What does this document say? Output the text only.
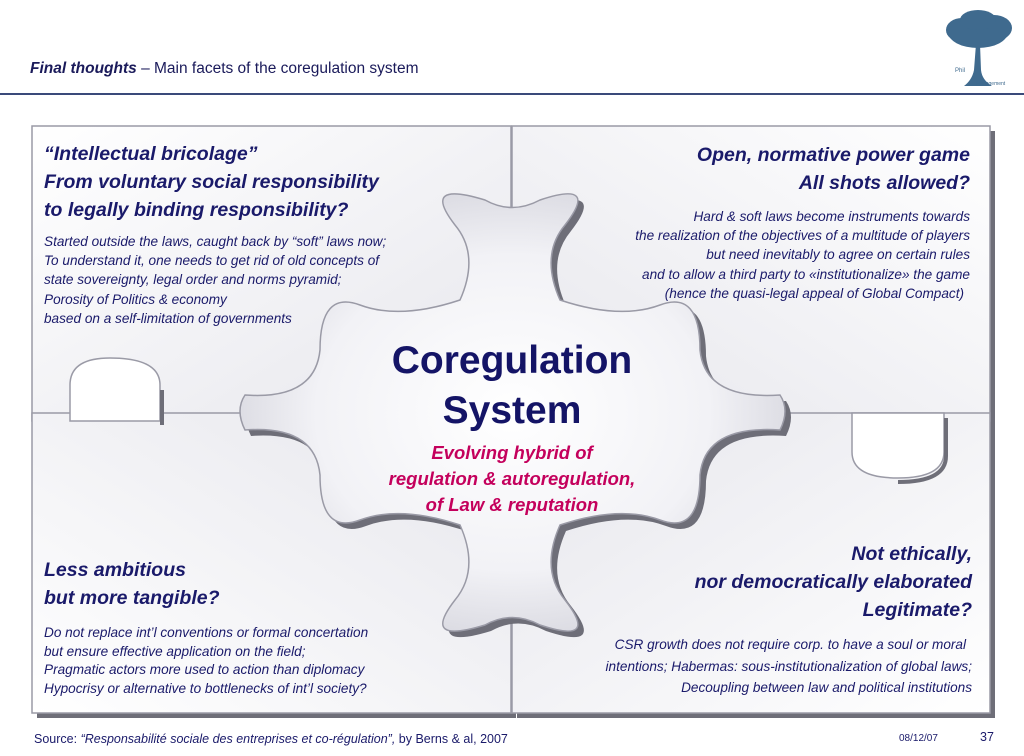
Final thoughts – Main facets of the coregulation system	Phil
Management
“Intellectual bricolage”
From voluntary social responsibility
to legally binding responsibility?
Started outside the laws, caught back by “soft” laws now;
To understand it, one needs to get rid of old concepts of
state sovereignty, legal order and norms pyramid;
Porosity of Politics & economy
based on a self-limitation of governments
Open, normative power game
All shots allowed?
Hard & soft laws become instruments towards
the realization of the objectives of a multitude of players
but need inevitably to agree on certain rules
and to allow a third party to «institutionalize» the game
(hence the quasi-legal appeal of Global Compact)
Coregulation
System
Evolving hybrid of
regulation & autoregulation,
of Law & reputation
Less ambitious
but more tangible?
Do not replace int’l conventions or formal concertation
but ensure effective application on the field;
Pragmatic actors more used to action than diplomacy
Hypocrisy or alternative to bottlenecks of int’l society?
Not ethically,
nor democratically elaborated
Legitimate?
CSR growth does not require corp. to have a soul or moral
intentions; Habermas: sous-institutionalization of global laws;
Decoupling between law and political institutions
Source: “Responsabilité sociale des entreprises et co-régulation”, by Berns & al, 2007	08/12/07	37
